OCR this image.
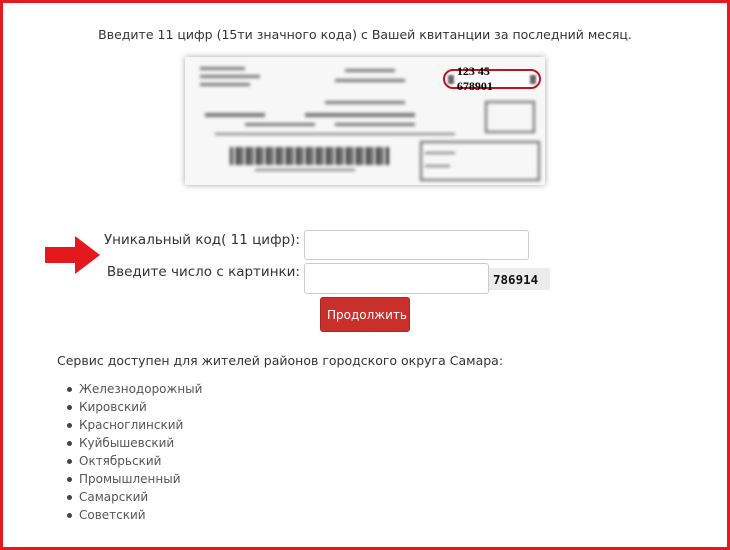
Введите 11 цифр (15ти значного кода) с Вашей квитанции за последний месяц.
123 45 678901
Уникальный код( 11 цифр):
Введите число с картинки:	786914
Продолжить
Сервис доступен для жителей районов городского округа Самара:
Железнодорожный
Кировский
Красноглинский
Куйбышевский
Октябрьский
Промышленный
Самарский
Советский
